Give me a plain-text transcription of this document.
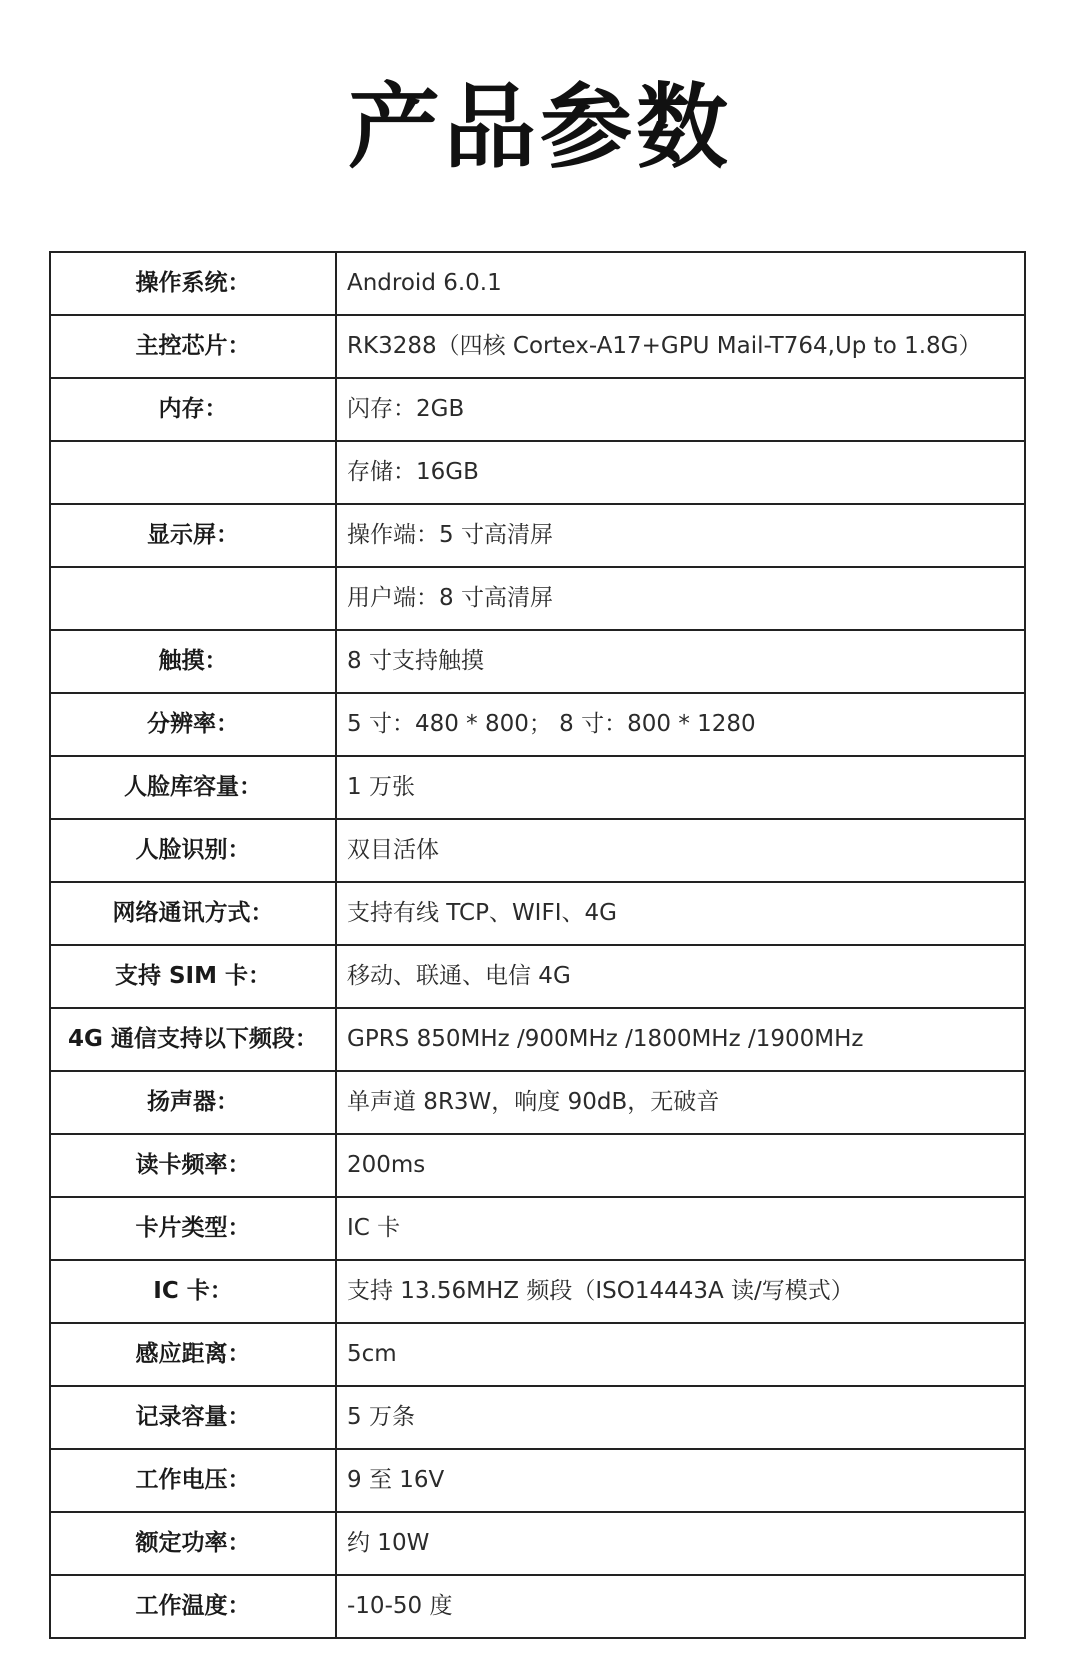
产品参数
操作系统：	Android 6.0.1
主控芯片：	RK3288（四核 Cortex-A17+GPU Mail-T764,Up to 1.8G）
内存：	闪存：2GB
	存储：16GB
显示屏：	操作端：5 寸高清屏
	用户端：8 寸高清屏
触摸：	8 寸支持触摸
分辨率：	5 寸：480 * 800； 8 寸：800 * 1280
人脸库容量：	1 万张
人脸识别：	双目活体
网络通讯方式：	支持有线 TCP、WIFI、4G
支持 SIM 卡：	移动、联通、电信 4G
4G 通信支持以下频段：	GPRS 850MHz /900MHz /1800MHz /1900MHz
扬声器：	单声道 8R3W，响度 90dB，无破音
读卡频率：	200ms
卡片类型：	IC 卡
IC 卡：	支持 13.56MHZ 频段（ISO14443A 读/写模式）
感应距离：	5cm
记录容量：	5 万条
工作电压：	9 至 16V
额定功率：	约 10W
工作温度：	-10-50 度
